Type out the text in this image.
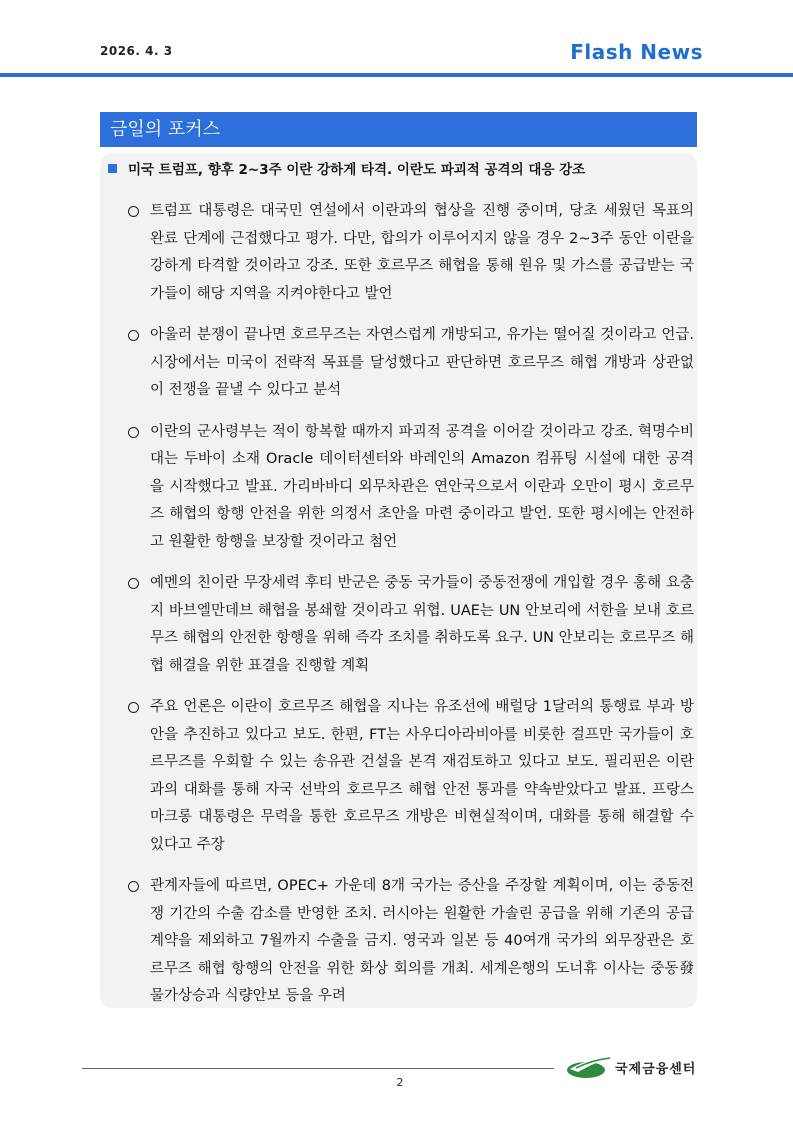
2026. 4. 3	Flash News
금일의 포커스
미국 트럼프, 향후 2~3주 이란 강하게 타격. 이란도 파괴적 공격의 대응 강조
트럼프 대통령은 대국민 연설에서 이란과의 협상을 진행 중이며, 당초 세웠던 목표의 완료 단계에 근접했다고 평가. 다만, 합의가 이루어지지 않을 경우 2~3주 동안 이란을 강하게 타격할 것이라고 강조. 또한 호르무즈 해협을 통해 원유 및 가스를 공급받는 국가들이 해당 지역을 지켜야한다고 발언
아울러 분쟁이 끝나면 호르무즈는 자연스럽게 개방되고, 유가는 떨어질 것이라고 언급. 시장에서는 미국이 전략적 목표를 달성했다고 판단하면 호르무즈 해협 개방과 상관없이 전쟁을 끝낼 수 있다고 분석
이란의 군사령부는 적이 항복할 때까지 파괴적 공격을 이어갈 것이라고 강조. 혁명수비대는 두바이 소재 Oracle 데이터센터와 바레인의 Amazon 컴퓨팅 시설에 대한 공격을 시작했다고 발표. 가리바바디 외무차관은 연안국으로서 이란과 오만이 평시 호르무즈 해협의 항행 안전을 위한 의정서 초안을 마련 중이라고 발언. 또한 평시에는 안전하고 원활한 항행을 보장할 것이라고 첨언
예멘의 친이란 무장세력 후티 반군은 중동 국가들이 중동전쟁에 개입할 경우 홍해 요충지 바브엘만데브 해협을 봉쇄할 것이라고 위협. UAE는 UN 안보리에 서한을 보내 호르무즈 해협의 안전한 항행을 위해 즉각 조치를 취하도록 요구. UN 안보리는 호르무즈 해협 해결을 위한 표결을 진행할 계획
주요 언론은 이란이 호르무즈 해협을 지나는 유조선에 배럴당 1달러의 통행료 부과 방안을 추진하고 있다고 보도. 한편, FT는 사우디아라비아를 비롯한 걸프만 국가들이 호르무즈를 우회할 수 있는 송유관 건설을 본격 재검토하고 있다고 보도. 필리핀은 이란과의 대화를 통해 자국 선박의 호르무즈 해협 안전 통과를 약속받았다고 발표. 프랑스 마크롱 대통령은 무력을 통한 호르무즈 개방은 비현실적이며, 대화를 통해 해결할 수 있다고 주장
관계자들에 따르면, OPEC+ 가운데 8개 국가는 증산을 주장할 계획이며, 이는 중동전쟁 기간의 수출 감소를 반영한 조치. 러시아는 원활한 가솔린 공급을 위해 기존의 공급 계약을 제외하고 7월까지 수출을 금지. 영국과 일본 등 40여개 국가의 외무장관은 호르무즈 해협 항행의 안전을 위한 화상 회의를 개최. 세계은행의 도너휴 이사는 중동發 물가상승과 식량안보 등을 우려
2
국제금융센터
